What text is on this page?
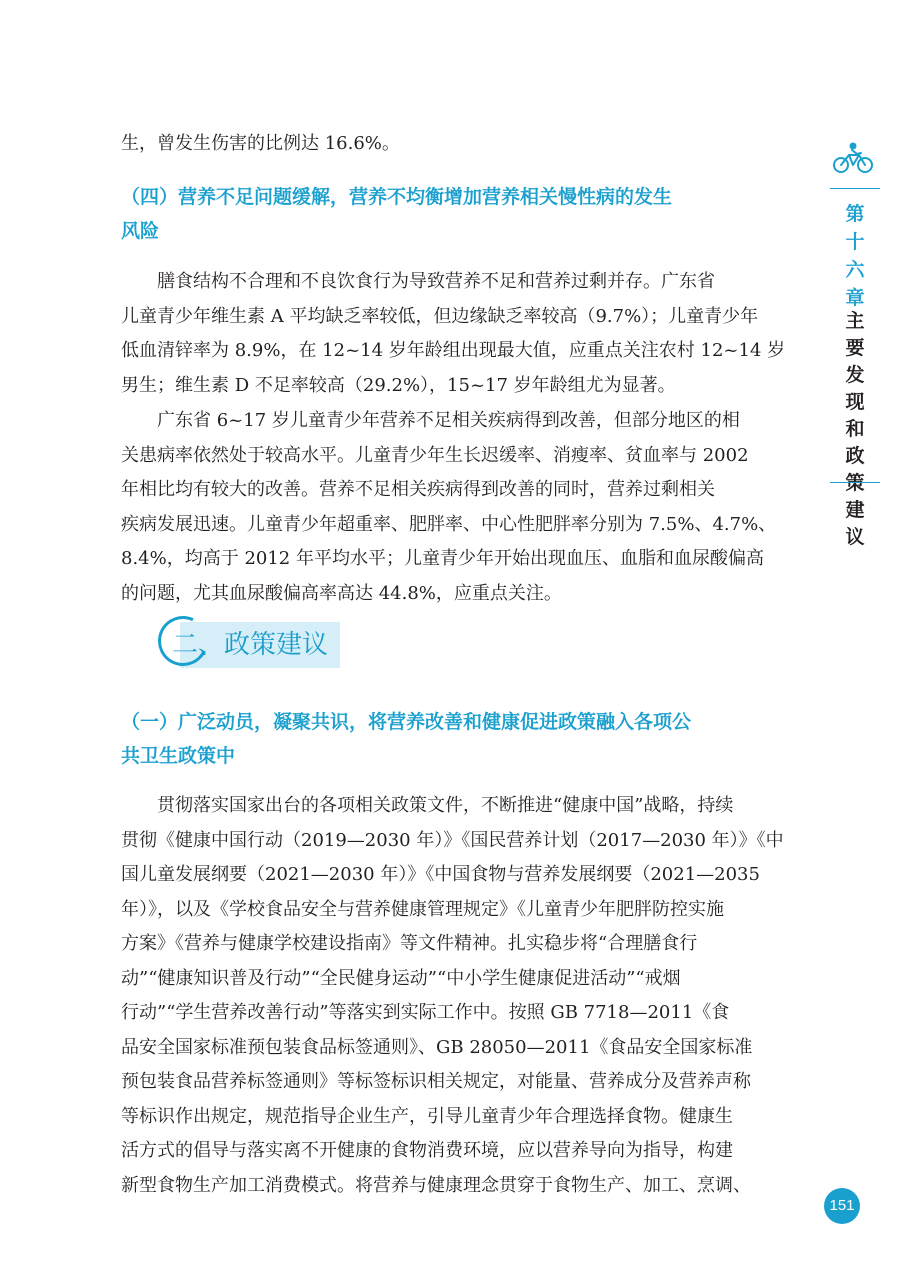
生，曾发生伤害的比例达 16.6%。
（四）营养不足问题缓解，营养不均衡增加营养相关慢性病的发生
风险
膳食结构不合理和不良饮食行为导致营养不足和营养过剩并存。广东省
儿童青少年维生素 A 平均缺乏率较低，但边缘缺乏率较高（9.7%）；儿童青少年
低血清锌率为 8.9%，在 12~14 岁年龄组出现最大值，应重点关注农村 12~14 岁
男生；维生素 D 不足率较高（29.2%），15~17 岁年龄组尤为显著。
广东省 6~17 岁儿童青少年营养不足相关疾病得到改善，但部分地区的相
关患病率依然处于较高水平。儿童青少年生长迟缓率、消瘦率、贫血率与 2002
年相比均有较大的改善。营养不足相关疾病得到改善的同时，营养过剩相关
疾病发展迅速。儿童青少年超重率、肥胖率、中心性肥胖率分别为 7.5%、4.7%、
8.4%，均高于 2012 年平均水平；儿童青少年开始出现血压、血脂和血尿酸偏高
的问题，尤其血尿酸偏高率高达 44.8%，应重点关注。
（一）广泛动员，凝聚共识，将营养改善和健康促进政策融入各项公
共卫生政策中
贯彻落实国家出台的各项相关政策文件，不断推进“健康中国”战略，持续
贯彻《健康中国行动（2019—2030 年）》《国民营养计划（2017—2030 年）》《中
国儿童发展纲要（2021—2030 年）》《中国食物与营养发展纲要（2021—2035
年）》，以及《学校食品安全与营养健康管理规定》《儿童青少年肥胖防控实施
方案》《营养与健康学校建设指南》等文件精神。扎实稳步将“合理膳食行
动”“健康知识普及行动”“全民健身运动”“中小学生健康促进活动”“戒烟
行动”“学生营养改善行动”等落实到实际工作中。按照 GB 7718—2011《食
品安全国家标准预包装食品标签通则》、GB 28050—2011《食品安全国家标准
预包装食品营养标签通则》等标签标识相关规定，对能量、营养成分及营养声称
等标识作出规定，规范指导企业生产，引导儿童青少年合理选择食物。健康生
活方式的倡导与落实离不开健康的食物消费环境，应以营养导向为指导，构建
新型食物生产加工消费模式。将营养与健康理念贯穿于食物生产、加工、烹调、
二、政策建议
第
十
六
章
主
要
发
现
和
政
策
建
议
151
